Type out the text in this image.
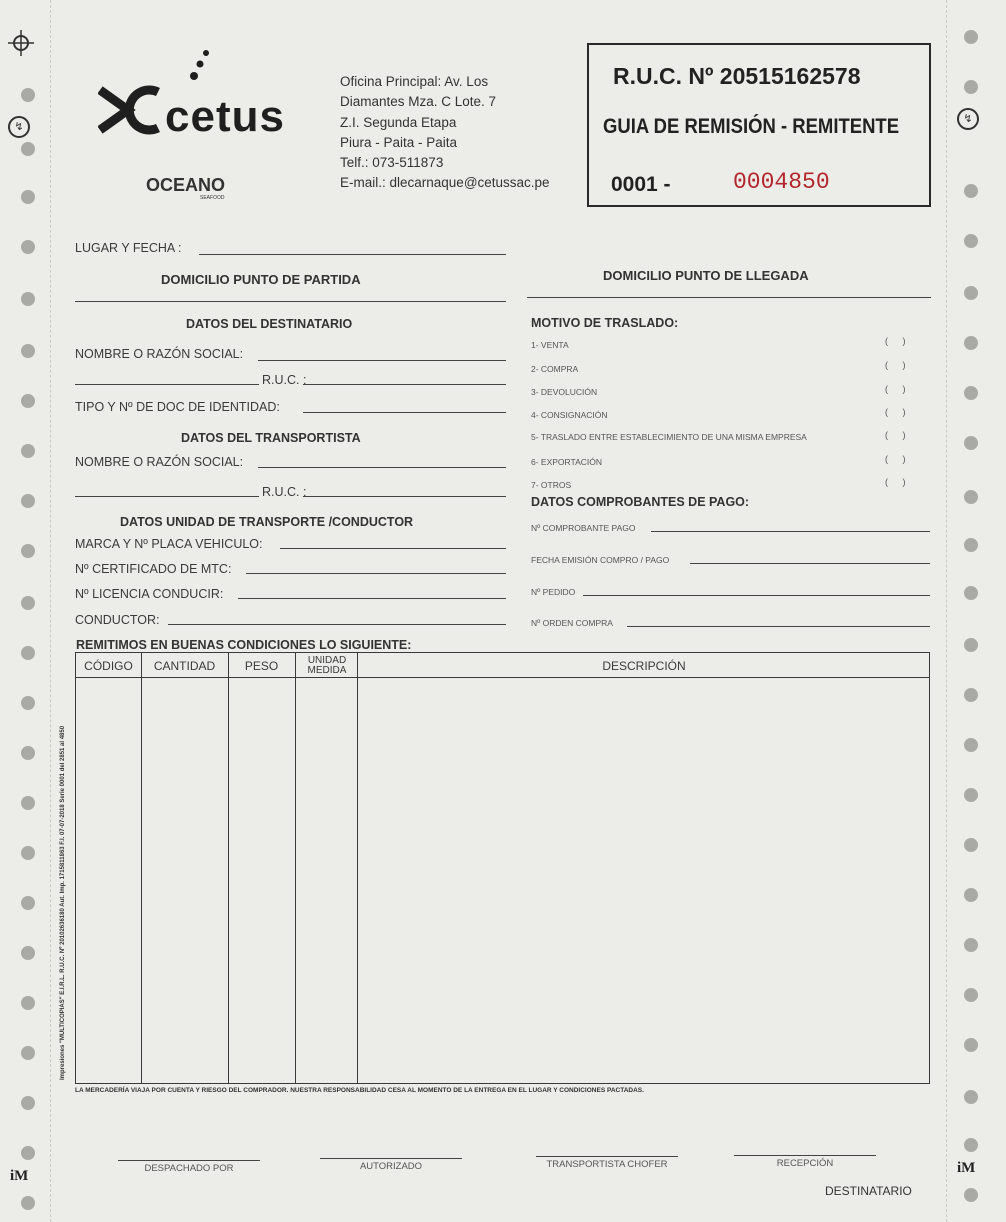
↯
↯
cetus
OCEANO
SEAFOOD
Oficina Principal: Av. Los
Diamantes Mza. C Lote. 7
Z.I. Segunda Etapa
Piura - Paita - Paita
Telf.: 073-511873
E-mail.: dlecarnaque@cetussac.pe
R.U.C. Nº 20515162578
GUIA DE REMISIÓN - REMITENTE
0001 -	0004850
LUGAR Y FECHA :
DOMICILIO PUNTO DE PARTIDA	DOMICILIO PUNTO DE LLEGADA
DATOS DEL DESTINATARIO
NOMBRE O RAZÓN SOCIAL:
R.U.C. :
TIPO Y Nº DE DOC DE IDENTIDAD:
DATOS DEL TRANSPORTISTA
NOMBRE O RAZÓN SOCIAL:
R.U.C. :
DATOS UNIDAD DE TRANSPORTE /CONDUCTOR
MARCA Y Nº PLACA VEHICULO:
Nº CERTIFICADO DE MTC:
Nº LICENCIA CONDUCIR:
CONDUCTOR:
MOTIVO DE TRASLADO:
1- VENTA	( )
2- COMPRA	( )
3- DEVOLUCIÓN	( )
4- CONSIGNACIÓN	( )
5- TRASLADO ENTRE ESTABLECIMIENTO DE UNA MISMA EMPRESA	( )
6- EXPORTACIÓN	( )
7- OTROS	( )
DATOS COMPROBANTES DE PAGO:
Nº COMPROBANTE PAGO
FECHA EMISIÓN COMPRO / PAGO
Nº PEDIDO
Nº ORDEN COMPRA
REMITIMOS EN BUENAS CONDICIONES LO SIGUIENTE:
CÓDIGO	CANTIDAD	PESO	UNIDAD MEDIDA	DESCRIPCIÓN
Impresiones "MULTICOPIAS" E.I.R.L. R.U.C. Nº 20102636180 Aut. Imp. 1715811863 F.I. 07-07-2018 Serie 0001 del 2851 al 4850
LA MERCADERÍA VIAJA POR CUENTA Y RIESGO DEL COMPRADOR. NUESTRA RESPONSABILIDAD CESA AL MOMENTO DE LA ENTREGA EN EL LUGAR Y CONDICIONES PACTADAS.
DESPACHADO POR	AUTORIZADO	TRANSPORTISTA CHOFER	RECEPCIÓN
DESTINATARIO
iM	iM
